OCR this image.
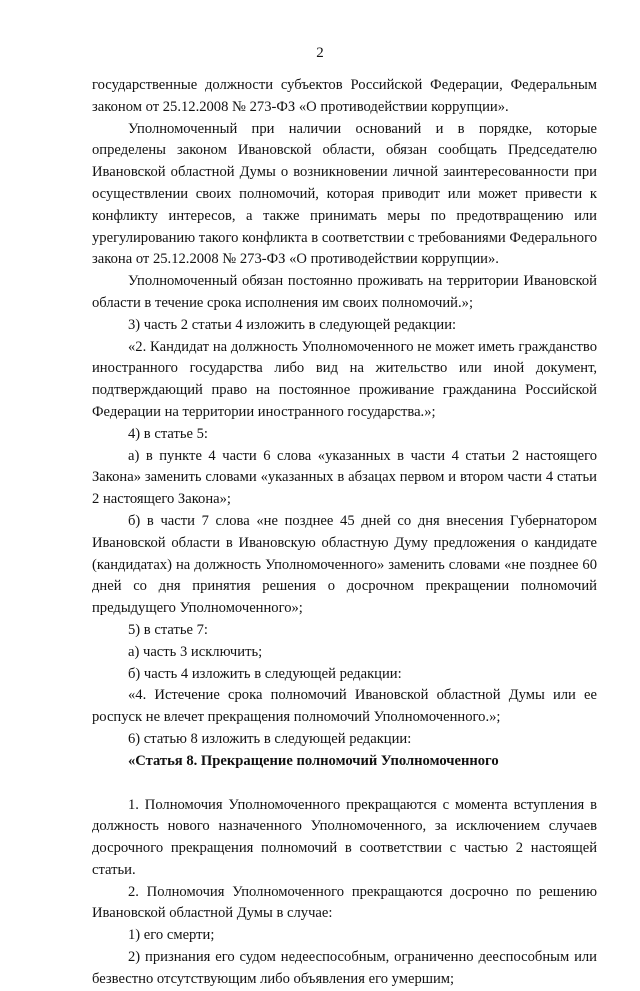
2

государственные должности субъектов Российской Федерации, Федеральным законом от 25.12.2008 № 273-ФЗ «О противодействии коррупции».

Уполномоченный при наличии оснований и в порядке, которые определены законом Ивановской области, обязан сообщать Председателю Ивановской областной Думы о возникновении личной заинтересованности при осуществлении своих полномочий, которая приводит или может привести к конфликту интересов, а также принимать меры по предотвращению или урегулированию такого конфликта в соответствии с требованиями Федерального закона от 25.12.2008 № 273-ФЗ «О противодействии коррупции».

Уполномоченный обязан постоянно проживать на территории Ивановской области в течение срока исполнения им своих полномочий.»;

3) часть 2 статьи 4 изложить в следующей редакции:

«2. Кандидат на должность Уполномоченного не может иметь гражданство иностранного государства либо вид на жительство или иной документ, подтверждающий право на постоянное проживание гражданина Российской Федерации на территории иностранного государства.»;

4) в статье 5:

а) в пункте 4 части 6 слова «указанных в части 4 статьи 2 настоящего Закона» заменить словами «указанных в абзацах первом и втором части 4 статьи 2 настоящего Закона»;

б) в части 7 слова «не позднее 45 дней со дня внесения Губернатором Ивановской области в Ивановскую областную Думу предложения о кандидате (кандидатах) на должность Уполномоченного» заменить словами «не позднее 60 дней со дня принятия решения о досрочном прекращении полномочий предыдущего Уполномоченного»;

5) в статье 7:

а) часть 3 исключить;

б) часть 4 изложить в следующей редакции:

«4. Истечение срока полномочий Ивановской областной Думы или ее роспуск не влечет прекращения полномочий Уполномоченного.»;

6) статью 8 изложить в следующей редакции:

«Статья 8. Прекращение полномочий Уполномоченного

1. Полномочия Уполномоченного прекращаются с момента вступления в должность нового назначенного Уполномоченного, за исключением случаев досрочного прекращения полномочий в соответствии с частью 2 настоящей статьи.

2. Полномочия Уполномоченного прекращаются досрочно по решению Ивановской областной Думы в случае:

1) его смерти;

2) признания его судом недееспособным, ограниченно дееспособным или безвестно отсутствующим либо объявления его умершим;
